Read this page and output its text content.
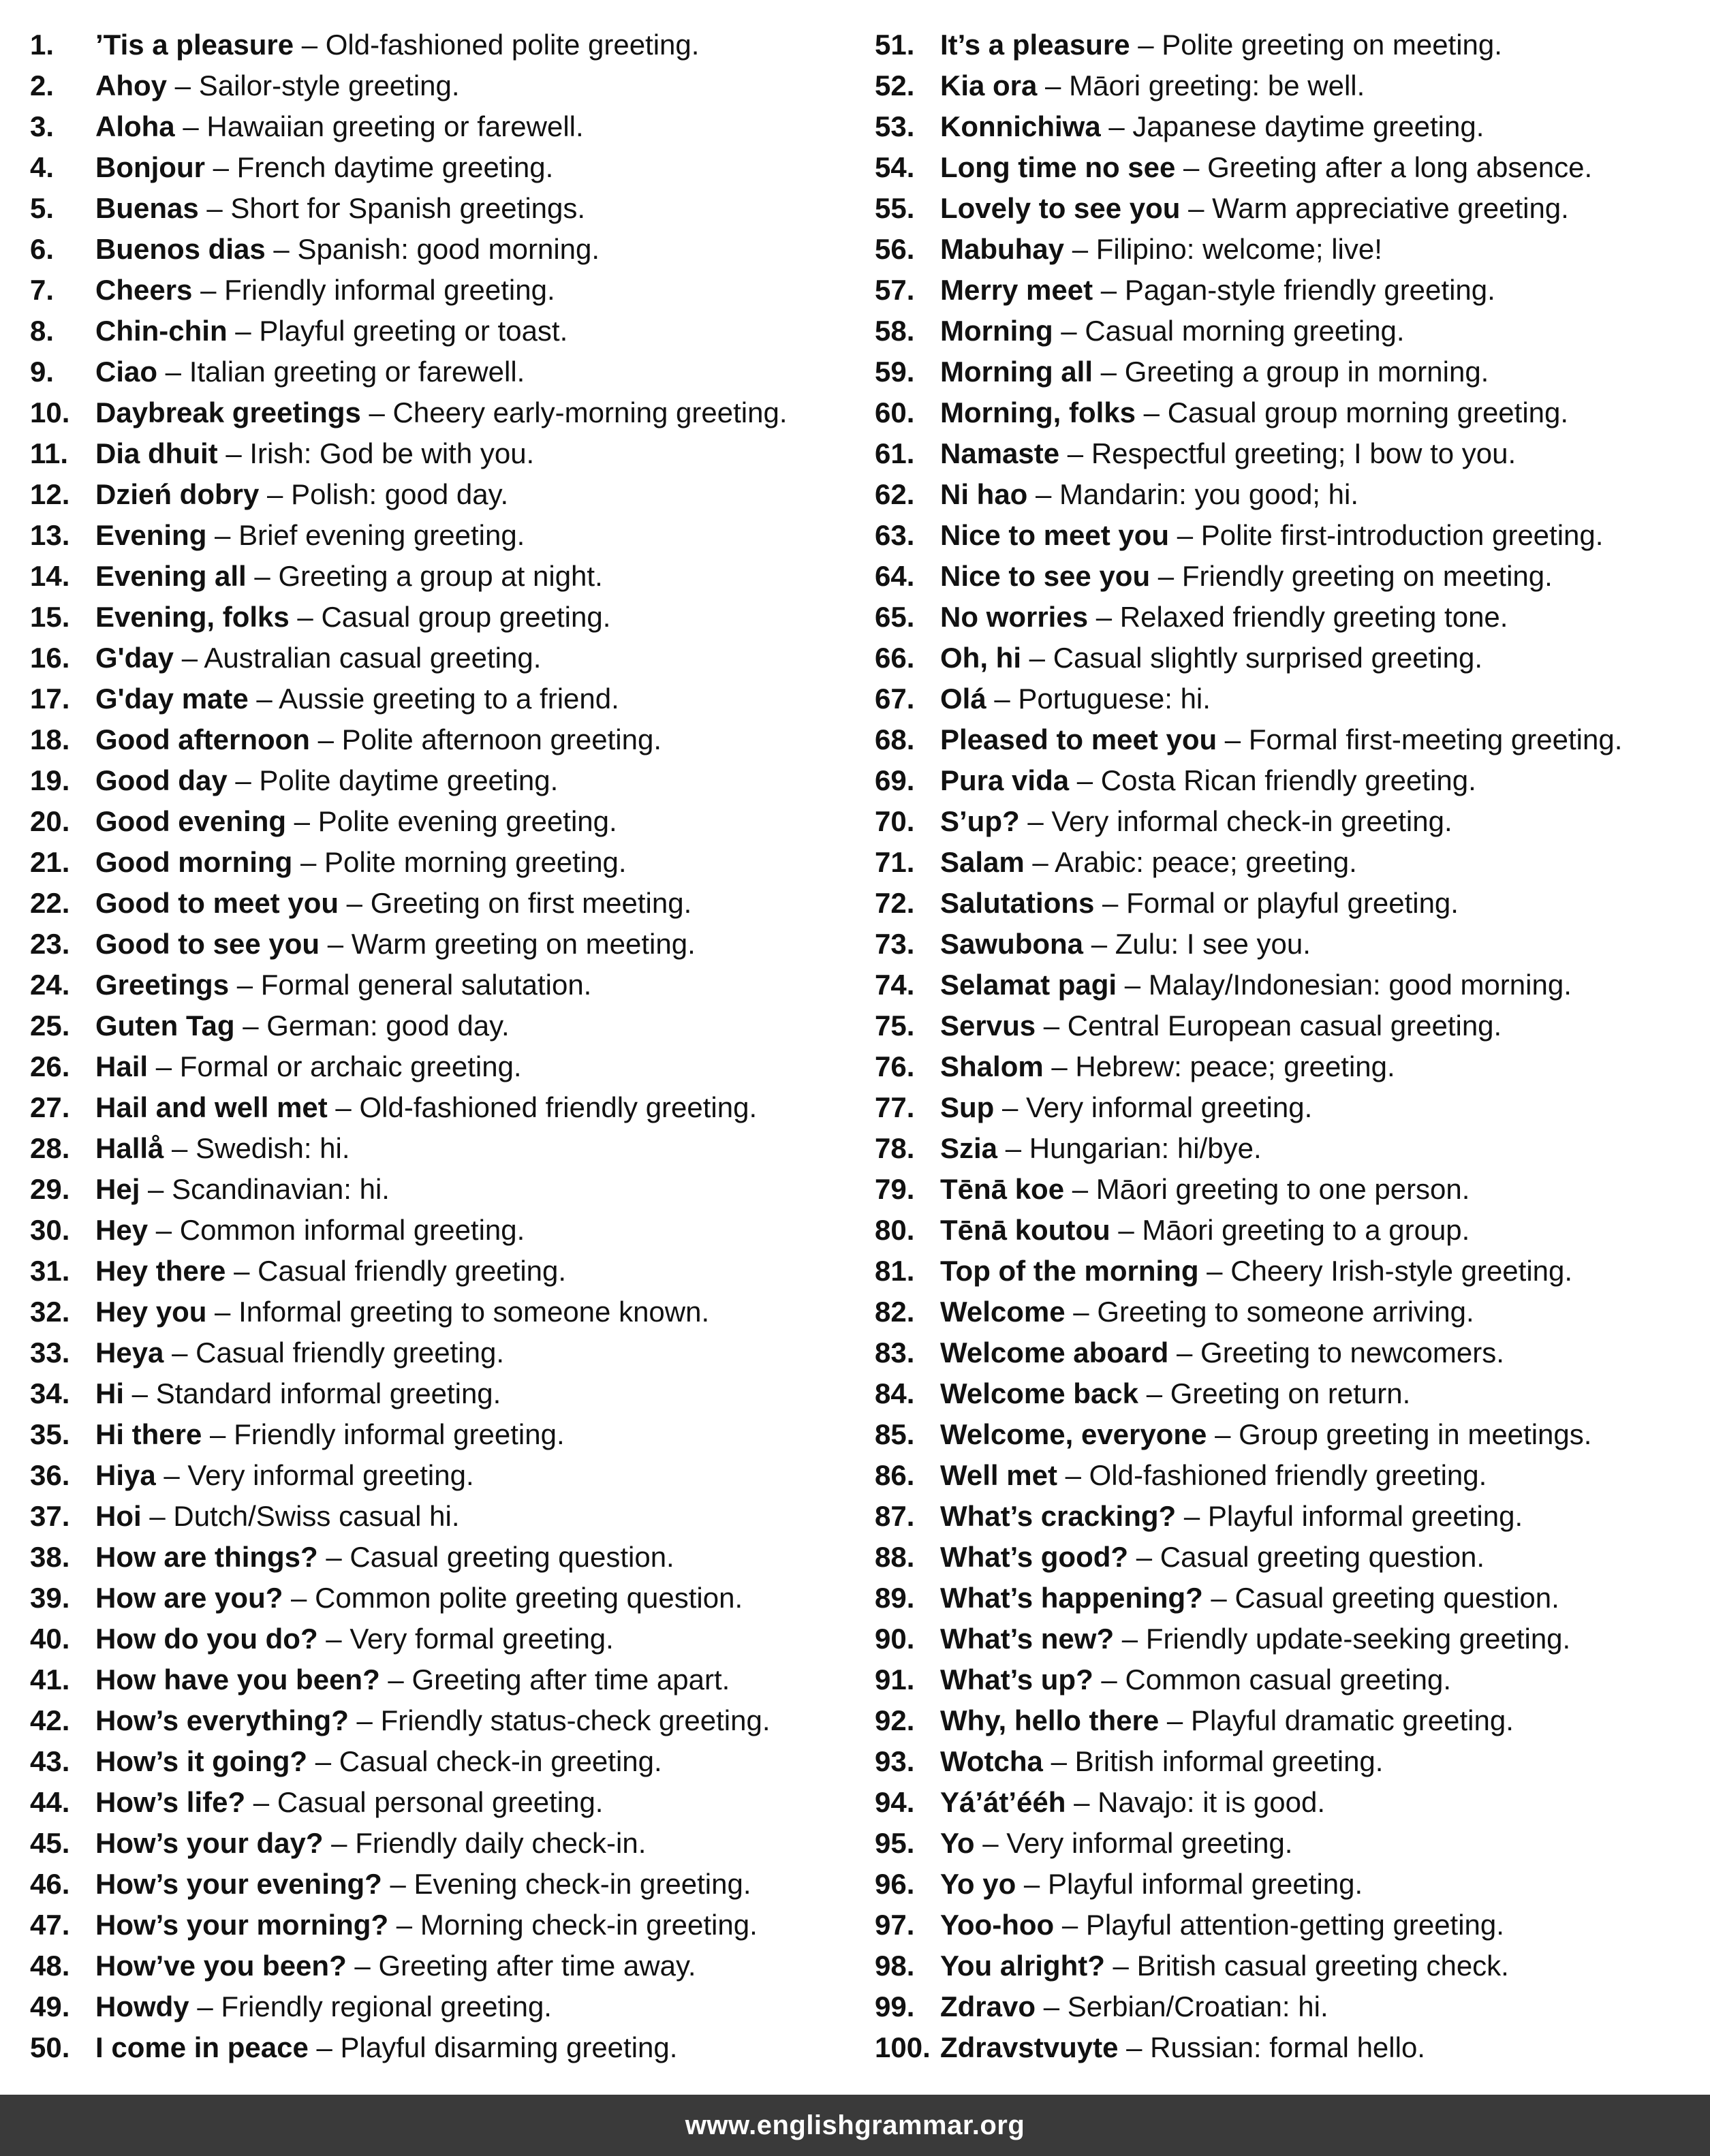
1. ’Tis a pleasure – Old-fashioned polite greeting.
2. Ahoy – Sailor-style greeting.
3. Aloha – Hawaiian greeting or farewell.
4. Bonjour – French daytime greeting.
5. Buenas – Short for Spanish greetings.
6. Buenos dias – Spanish: good morning.
7. Cheers – Friendly informal greeting.
8. Chin-chin – Playful greeting or toast.
9. Ciao – Italian greeting or farewell.
10. Daybreak greetings – Cheery early-morning greeting.
11. Dia dhuit – Irish: God be with you.
12. Dzień dobry – Polish: good day.
13. Evening – Brief evening greeting.
14. Evening all – Greeting a group at night.
15. Evening, folks – Casual group greeting.
16. G'day – Australian casual greeting.
17. G'day mate – Aussie greeting to a friend.
18. Good afternoon – Polite afternoon greeting.
19. Good day – Polite daytime greeting.
20. Good evening – Polite evening greeting.
21. Good morning – Polite morning greeting.
22. Good to meet you – Greeting on first meeting.
23. Good to see you – Warm greeting on meeting.
24. Greetings – Formal general salutation.
25. Guten Tag – German: good day.
26. Hail – Formal or archaic greeting.
27. Hail and well met – Old-fashioned friendly greeting.
28. Hallå – Swedish: hi.
29. Hej – Scandinavian: hi.
30. Hey – Common informal greeting.
31. Hey there – Casual friendly greeting.
32. Hey you – Informal greeting to someone known.
33. Heya – Casual friendly greeting.
34. Hi – Standard informal greeting.
35. Hi there – Friendly informal greeting.
36. Hiya – Very informal greeting.
37. Hoi – Dutch/Swiss casual hi.
38. How are things? – Casual greeting question.
39. How are you? – Common polite greeting question.
40. How do you do? – Very formal greeting.
41. How have you been? – Greeting after time apart.
42. How’s everything? – Friendly status-check greeting.
43. How’s it going? – Casual check-in greeting.
44. How’s life? – Casual personal greeting.
45. How’s your day? – Friendly daily check-in.
46. How’s your evening? – Evening check-in greeting.
47. How’s your morning? – Morning check-in greeting.
48. How’ve you been? – Greeting after time away.
49. Howdy – Friendly regional greeting.
50. I come in peace – Playful disarming greeting.
51. It’s a pleasure – Polite greeting on meeting.
52. Kia ora – Māori greeting: be well.
53. Konnichiwa – Japanese daytime greeting.
54. Long time no see – Greeting after a long absence.
55. Lovely to see you – Warm appreciative greeting.
56. Mabuhay – Filipino: welcome; live!
57. Merry meet – Pagan-style friendly greeting.
58. Morning – Casual morning greeting.
59. Morning all – Greeting a group in morning.
60. Morning, folks – Casual group morning greeting.
61. Namaste – Respectful greeting; I bow to you.
62. Ni hao – Mandarin: you good; hi.
63. Nice to meet you – Polite first-introduction greeting.
64. Nice to see you – Friendly greeting on meeting.
65. No worries – Relaxed friendly greeting tone.
66. Oh, hi – Casual slightly surprised greeting.
67. Olá – Portuguese: hi.
68. Pleased to meet you – Formal first-meeting greeting.
69. Pura vida – Costa Rican friendly greeting.
70. S’up? – Very informal check-in greeting.
71. Salam – Arabic: peace; greeting.
72. Salutations – Formal or playful greeting.
73. Sawubona – Zulu: I see you.
74. Selamat pagi – Malay/Indonesian: good morning.
75. Servus – Central European casual greeting.
76. Shalom – Hebrew: peace; greeting.
77. Sup – Very informal greeting.
78. Szia – Hungarian: hi/bye.
79. Tēnā koe – Māori greeting to one person.
80. Tēnā koutou – Māori greeting to a group.
81. Top of the morning – Cheery Irish-style greeting.
82. Welcome – Greeting to someone arriving.
83. Welcome aboard – Greeting to newcomers.
84. Welcome back – Greeting on return.
85. Welcome, everyone – Group greeting in meetings.
86. Well met – Old-fashioned friendly greeting.
87. What’s cracking? – Playful informal greeting.
88. What’s good? – Casual greeting question.
89. What’s happening? – Casual greeting question.
90. What’s new? – Friendly update-seeking greeting.
91. What’s up? – Common casual greeting.
92. Why, hello there – Playful dramatic greeting.
93. Wotcha – British informal greeting.
94. Yá’át’ééh – Navajo: it is good.
95. Yo – Very informal greeting.
96. Yo yo – Playful informal greeting.
97. Yoo-hoo – Playful attention-getting greeting.
98. You alright? – British casual greeting check.
99. Zdravo – Serbian/Croatian: hi.
100. Zdravstvuyte – Russian: formal hello.
www.englishgrammar.org
